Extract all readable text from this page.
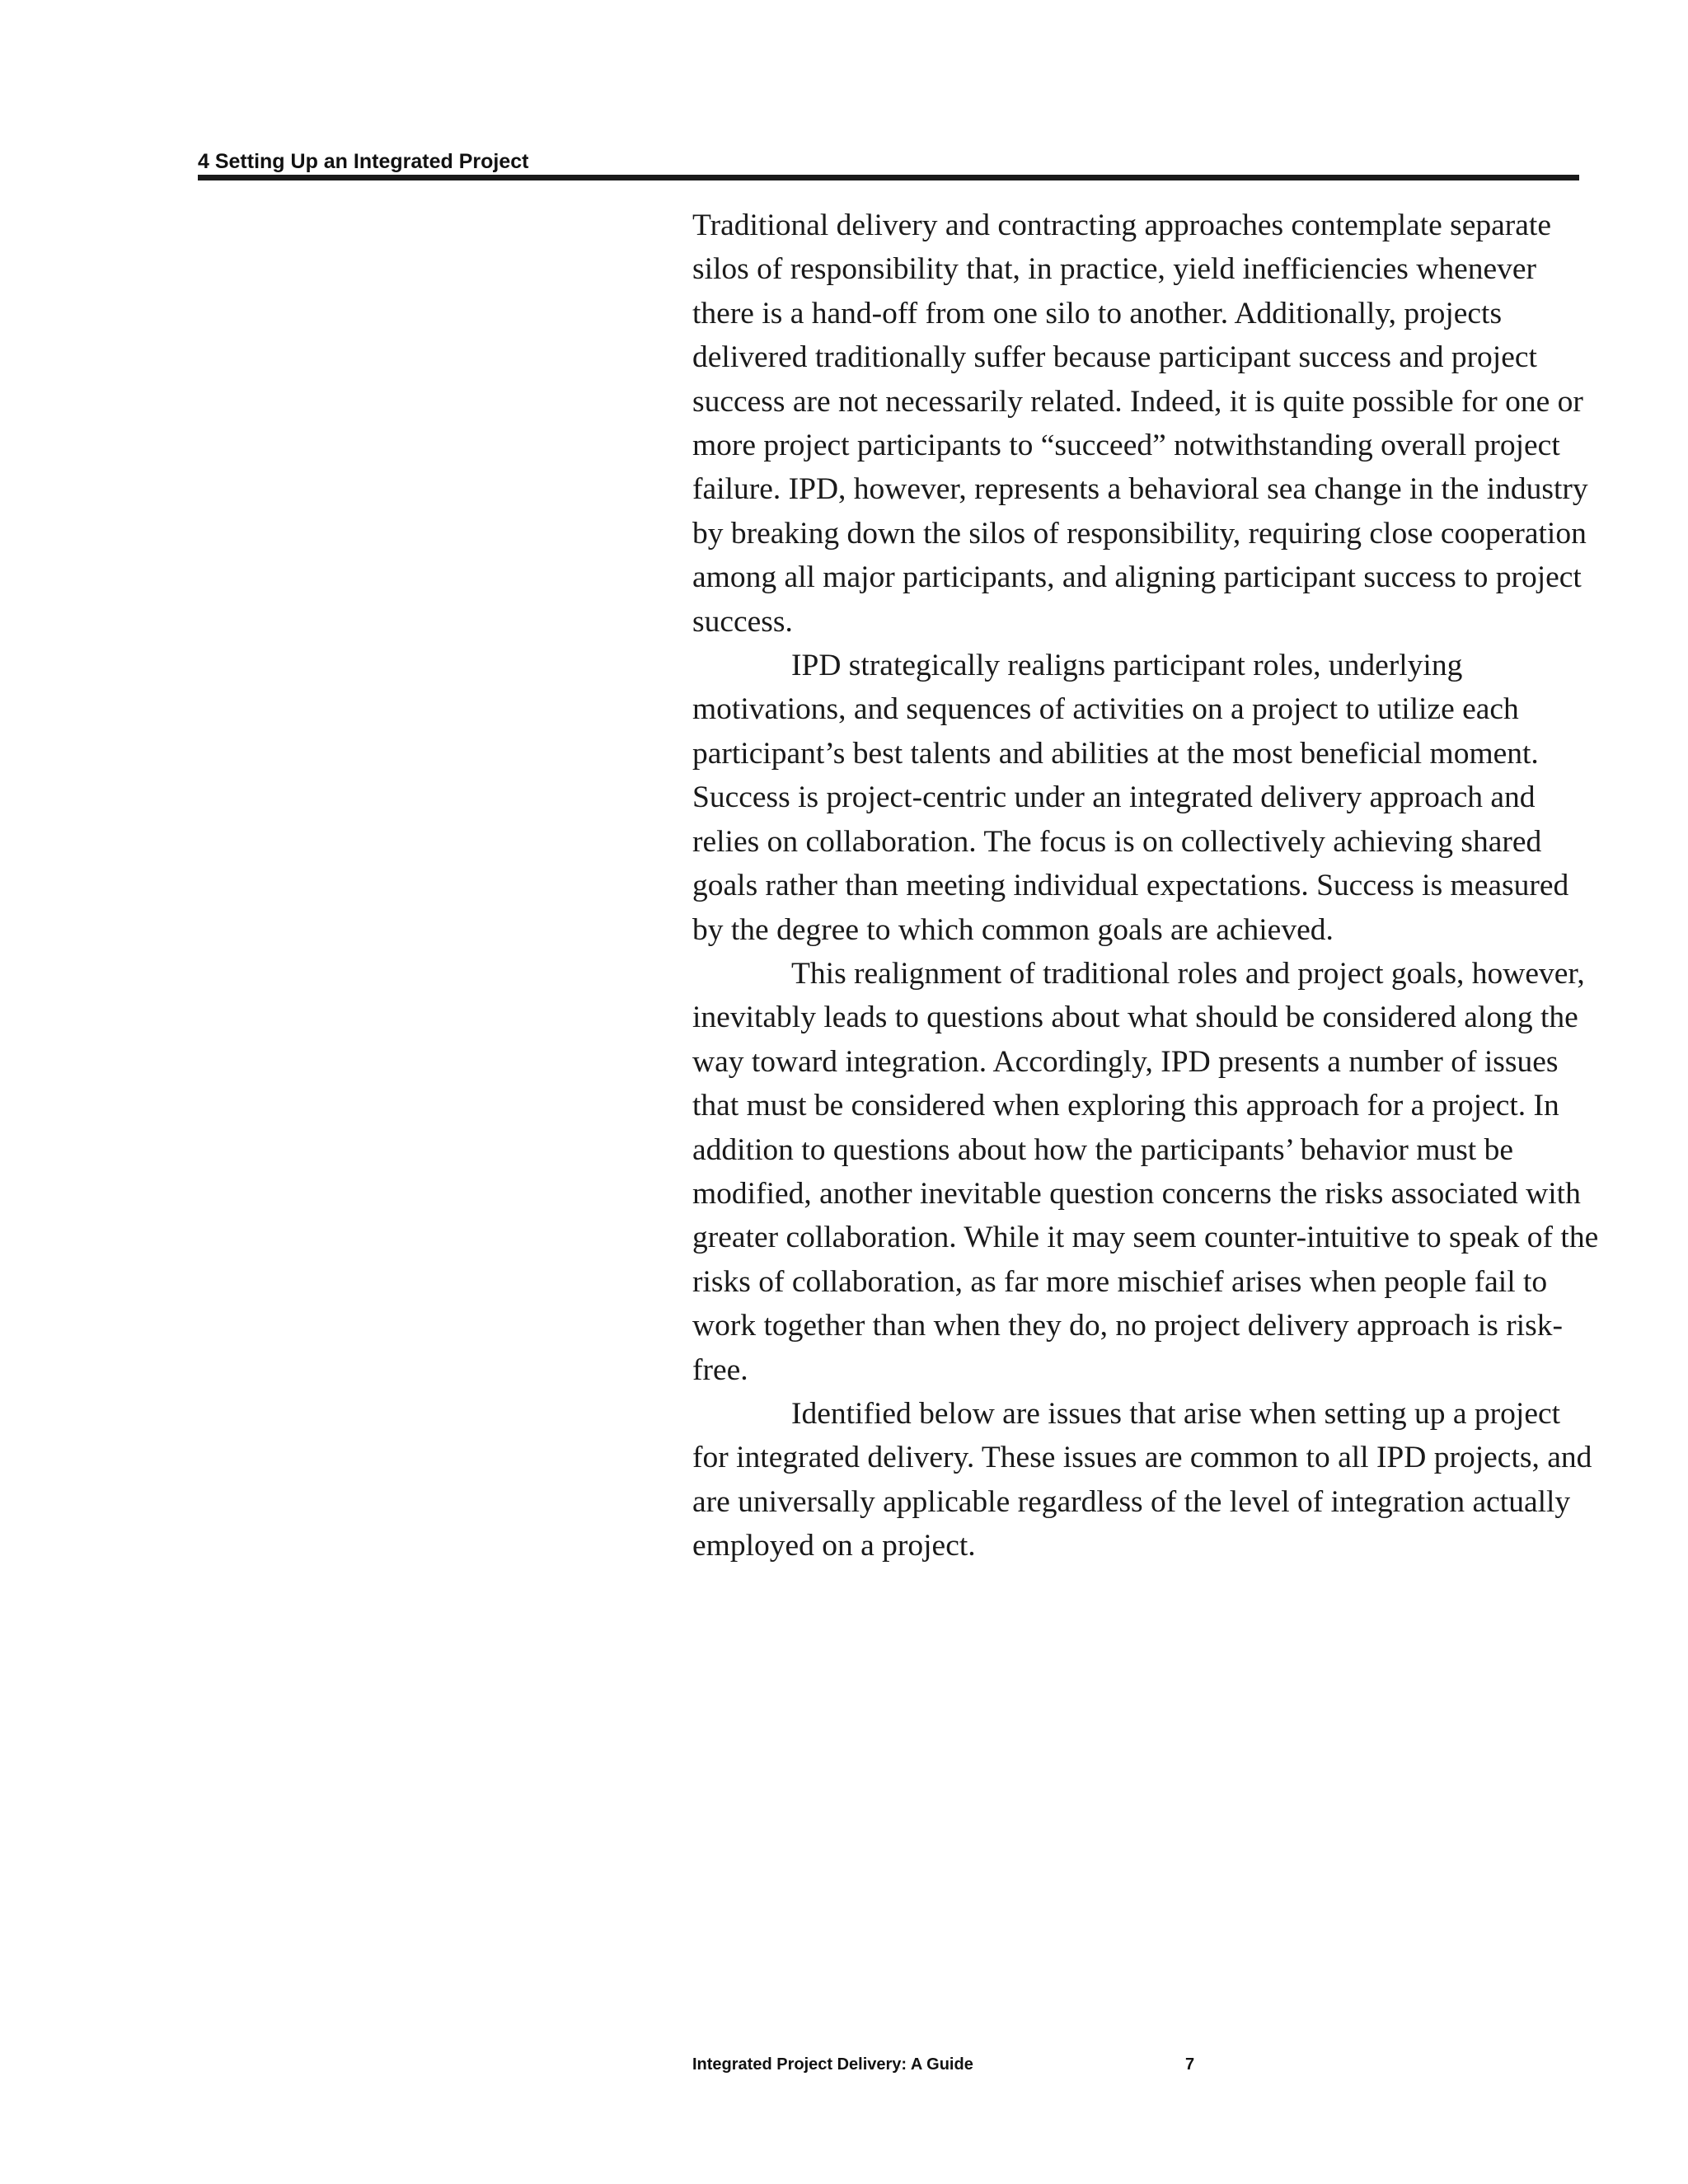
4 Setting Up an Integrated Project

Traditional delivery and contracting approaches contemplate separate silos of responsibility that, in practice, yield inefficiencies whenever there is a hand-off from one silo to another. Additionally, projects delivered traditionally suffer because participant success and project success are not necessarily related. Indeed, it is quite possible for one or more project participants to “succeed” notwithstanding overall project failure. IPD, however, represents a behavioral sea change in the industry by breaking down the silos of responsibility, requiring close cooperation among all major participants, and aligning participant success to project success.

IPD strategically realigns participant roles, underlying motivations, and sequences of activities on a project to utilize each participant’s best talents and abilities at the most beneficial moment. Success is project-centric under an integrated delivery approach and relies on collaboration. The focus is on collectively achieving shared goals rather than meeting individual expectations. Success is measured by the degree to which common goals are achieved.

This realignment of traditional roles and project goals, however, inevitably leads to questions about what should be considered along the way toward integration. Accordingly, IPD presents a number of issues that must be considered when exploring this approach for a project. In addition to questions about how the participants’ behavior must be modified, another inevitable question concerns the risks associated with greater collaboration. While it may seem counter-intuitive to speak of the risks of collaboration, as far more mischief arises when people fail to work together than when they do, no project delivery approach is risk-free.

Identified below are issues that arise when setting up a project for integrated delivery. These issues are common to all IPD projects, and are universally applicable regardless of the level of integration actually employed on a project.

Integrated Project Delivery: A Guide	7
